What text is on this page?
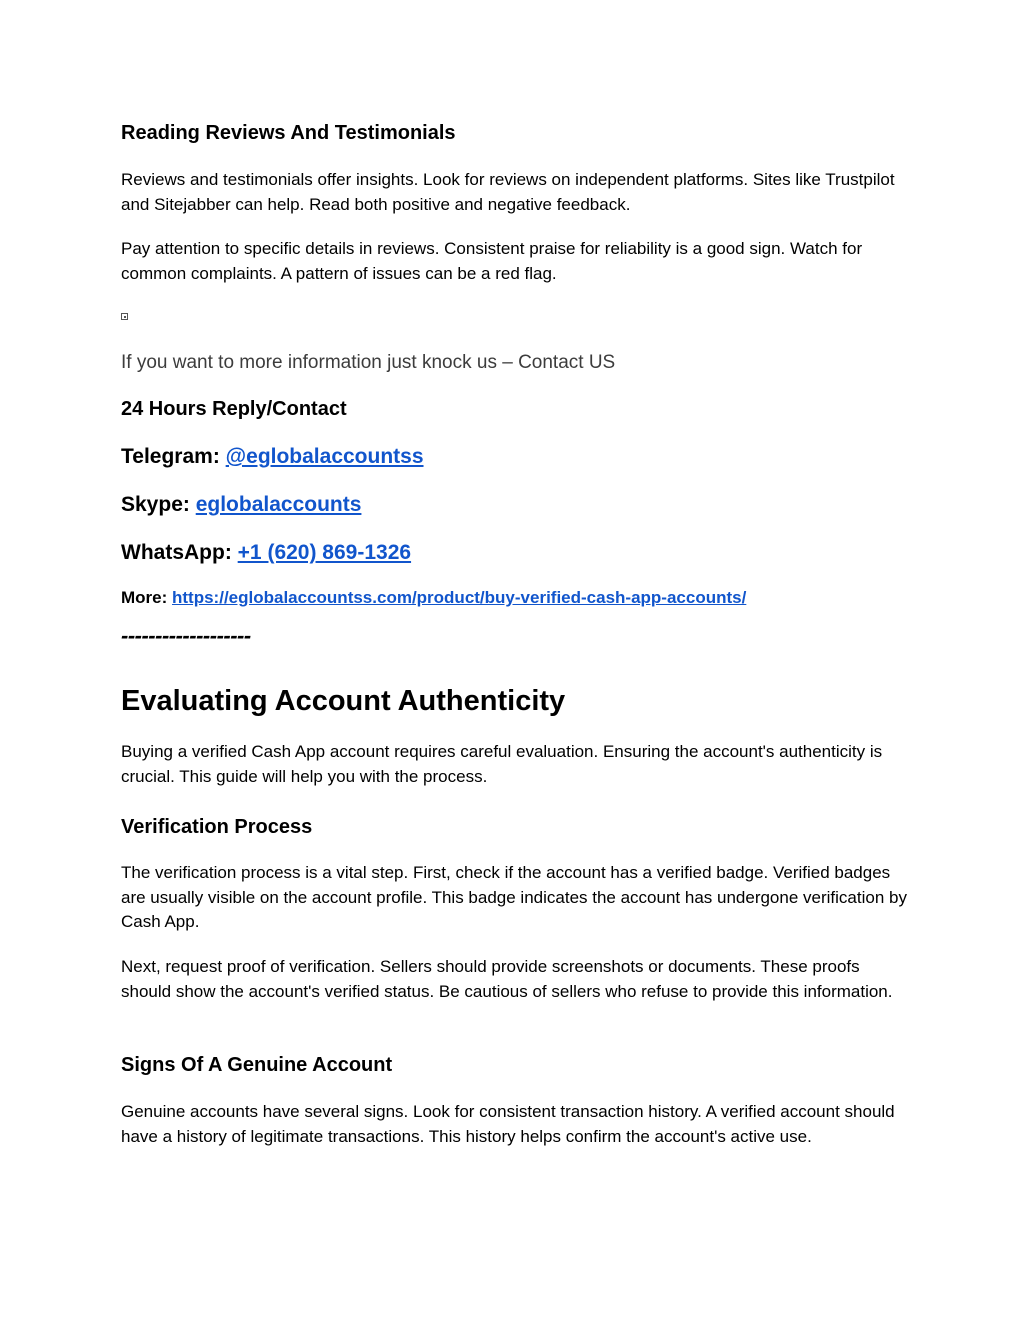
Reading Reviews And Testimonials

Reviews and testimonials offer insights. Look for reviews on independent platforms. Sites like Trustpilot and Sitejabber can help. Read both positive and negative feedback.

Pay attention to specific details in reviews. Consistent praise for reliability is a good sign. Watch for common complaints. A pattern of issues can be a red flag.

If you want to more information just knock us – Contact US

24 Hours Reply/Contact

Telegram: @eglobalaccountss

Skype: eglobalaccounts

WhatsApp: +1 (620) 869-1326

More: https://eglobalaccountss.com/product/buy-verified-cash-app-accounts/

-------------------

Evaluating Account Authenticity

Buying a verified Cash App account requires careful evaluation. Ensuring the account's authenticity is crucial. This guide will help you with the process.

Verification Process

The verification process is a vital step. First, check if the account has a verified badge. Verified badges are usually visible on the account profile. This badge indicates the account has undergone verification by Cash App.

Next, request proof of verification. Sellers should provide screenshots or documents. These proofs should show the account's verified status. Be cautious of sellers who refuse to provide this information.

Signs Of A Genuine Account

Genuine accounts have several signs. Look for consistent transaction history. A verified account should have a history of legitimate transactions. This history helps confirm the account's active use.
